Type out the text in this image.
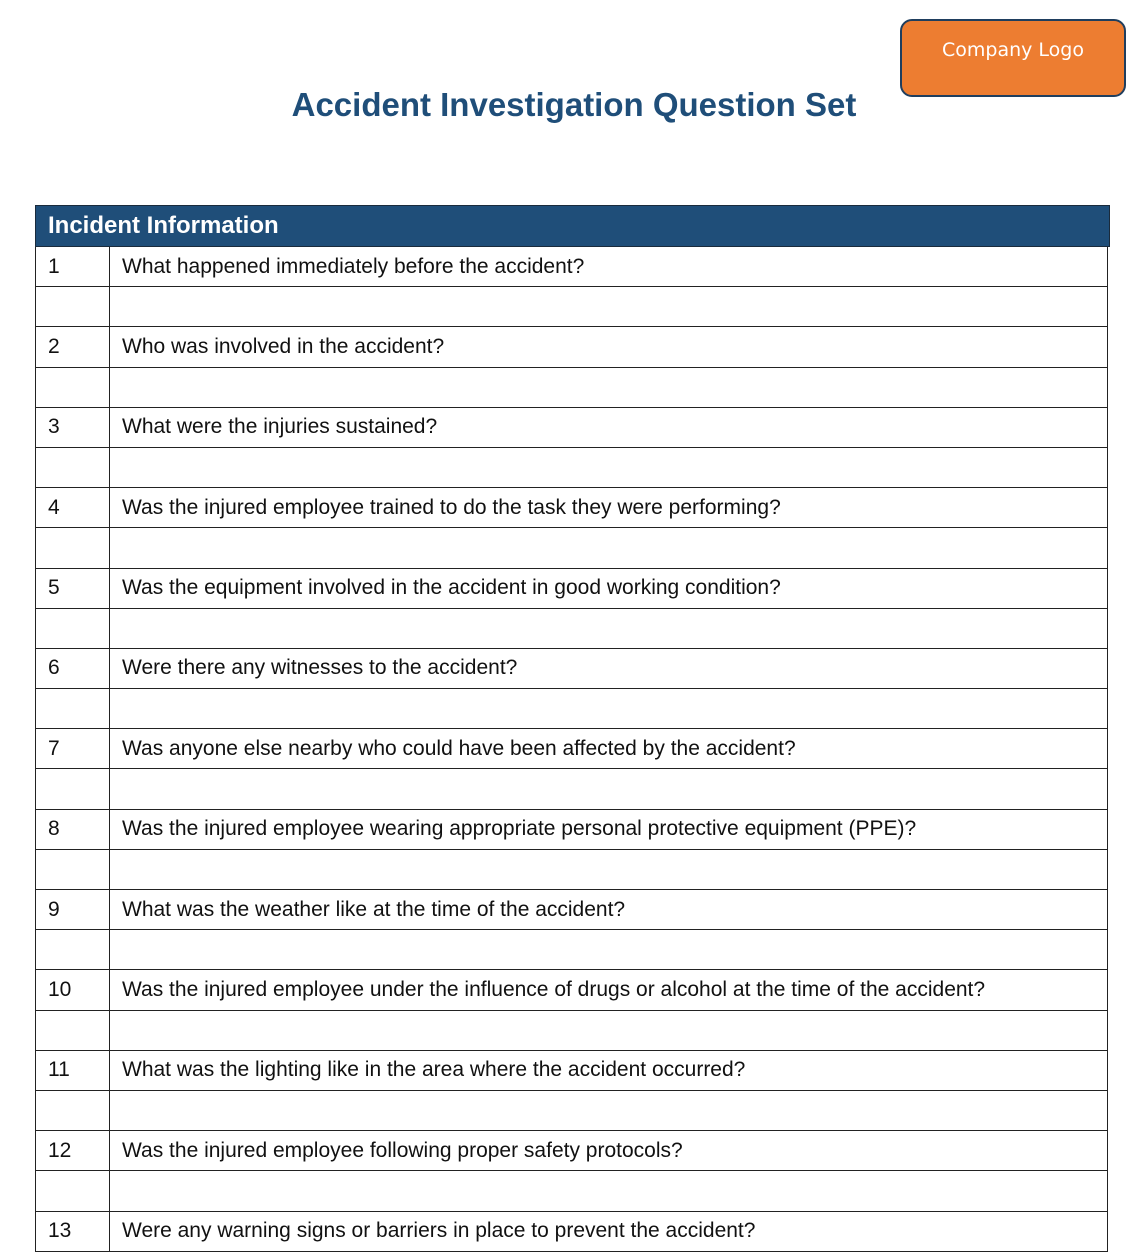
Company Logo
Accident Investigation Question Set
Incident Information
1	What happened immediately before the accident?
2	Who was involved in the accident?
3	What were the injuries sustained?
4	Was the injured employee trained to do the task they were performing?
5	Was the equipment involved in the accident in good working condition?
6	Were there any witnesses to the accident?
7	Was anyone else nearby who could have been affected by the accident?
8	Was the injured employee wearing appropriate personal protective equipment (PPE)?
9	What was the weather like at the time of the accident?
10	Was the injured employee under the influence of drugs or alcohol at the time of the accident?
11	What was the lighting like in the area where the accident occurred?
12	Was the injured employee following proper safety protocols?
13	Were any warning signs or barriers in place to prevent the accident?
